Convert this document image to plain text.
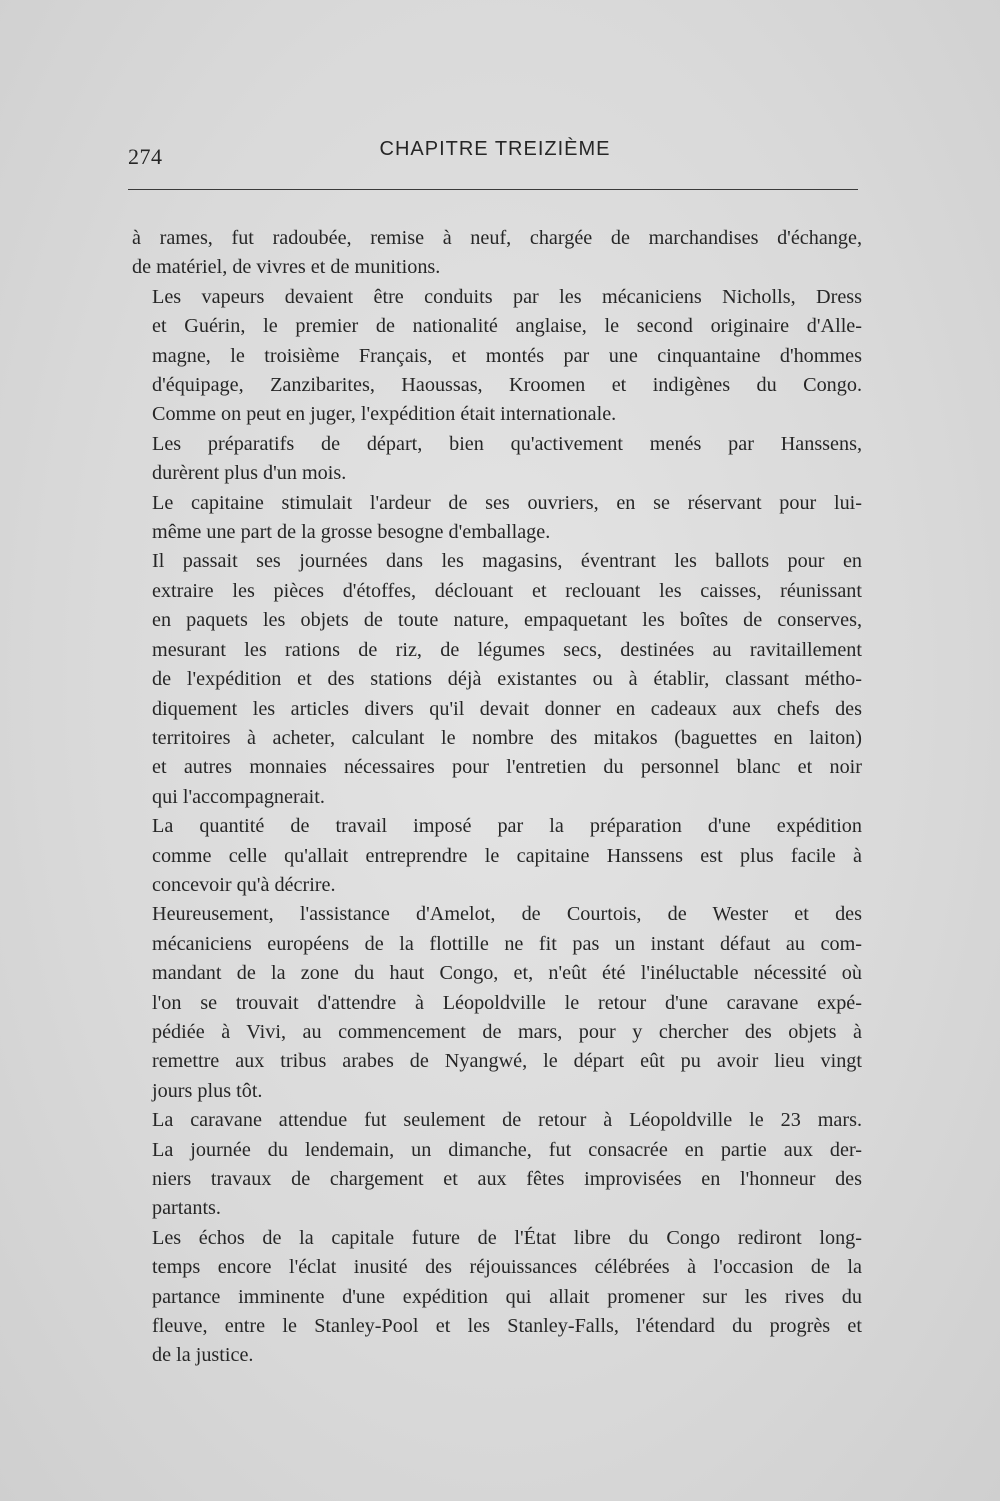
274	CHAPITRE TREIZIÈME

à rames, fut radoubée, remise à neuf, chargée de marchandises d'échange,
de matériel, de vivres et de munitions.

Les vapeurs devaient être conduits par les mécaniciens Nicholls, Dress
et Guérin, le premier de nationalité anglaise, le second originaire d'Alle-
magne, le troisième Français, et montés par une cinquantaine d'hommes
d'équipage, Zanzibarites, Haoussas, Kroomen et indigènes du Congo.
Comme on peut en juger, l'expédition était internationale.

Les préparatifs de départ, bien qu'activement menés par Hanssens,
durèrent plus d'un mois.

Le capitaine stimulait l'ardeur de ses ouvriers, en se réservant pour lui-
même une part de la grosse besogne d'emballage.

Il passait ses journées dans les magasins, éventrant les ballots pour en
extraire les pièces d'étoffes, déclouant et reclouant les caisses, réunissant
en paquets les objets de toute nature, empaquetant les boîtes de conserves,
mesurant les rations de riz, de légumes secs, destinées au ravitaillement
de l'expédition et des stations déjà existantes ou à établir, classant métho-
diquement les articles divers qu'il devait donner en cadeaux aux chefs des
territoires à acheter, calculant le nombre des mitakos (baguettes en laiton)
et autres monnaies nécessaires pour l'entretien du personnel blanc et noir
qui l'accompagnerait.

La quantité de travail imposé par la préparation d'une expédition
comme celle qu'allait entreprendre le capitaine Hanssens est plus facile à
concevoir qu'à décrire.

Heureusement, l'assistance d'Amelot, de Courtois, de Wester et des
mécaniciens européens de la flottille ne fit pas un instant défaut au com-
mandant de la zone du haut Congo, et, n'eût été l'inéluctable nécessité où
l'on se trouvait d'attendre à Léopoldville le retour d'une caravane expé-
pédiée à Vivi, au commencement de mars, pour y chercher des objets à
remettre aux tribus arabes de Nyangwé, le départ eût pu avoir lieu vingt
jours plus tôt.

La caravane attendue fut seulement de retour à Léopoldville le 23 mars.
La journée du lendemain, un dimanche, fut consacrée en partie aux der-
niers travaux de chargement et aux fêtes improvisées en l'honneur des
partants.

Les échos de la capitale future de l'État libre du Congo rediront long-
temps encore l'éclat inusité des réjouissances célébrées à l'occasion de la
partance imminente d'une expédition qui allait promener sur les rives du
fleuve, entre le Stanley-Pool et les Stanley-Falls, l'étendard du progrès et
de la justice.
